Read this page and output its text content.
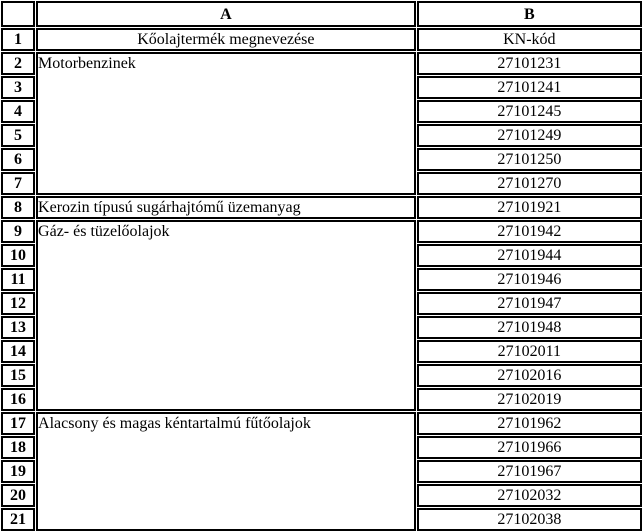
	A	B
1	Kőolajtermék megnevezése	KN-kód
2	Motorbenzinek	27101231
3		27101241
4		27101245
5		27101249
6		27101250
7		27101270
8	Kerozin típusú sugárhajtómű üzemanyag	27101921
9	Gáz- és tüzelőolajok	27101942
10		27101944
11		27101946
12		27101947
13		27101948
14		27102011
15		27102016
16		27102019
17	Alacsony és magas kéntartalmú fűtőolajok	27101962
18		27101966
19		27101967
20		27102032
21		27102038
